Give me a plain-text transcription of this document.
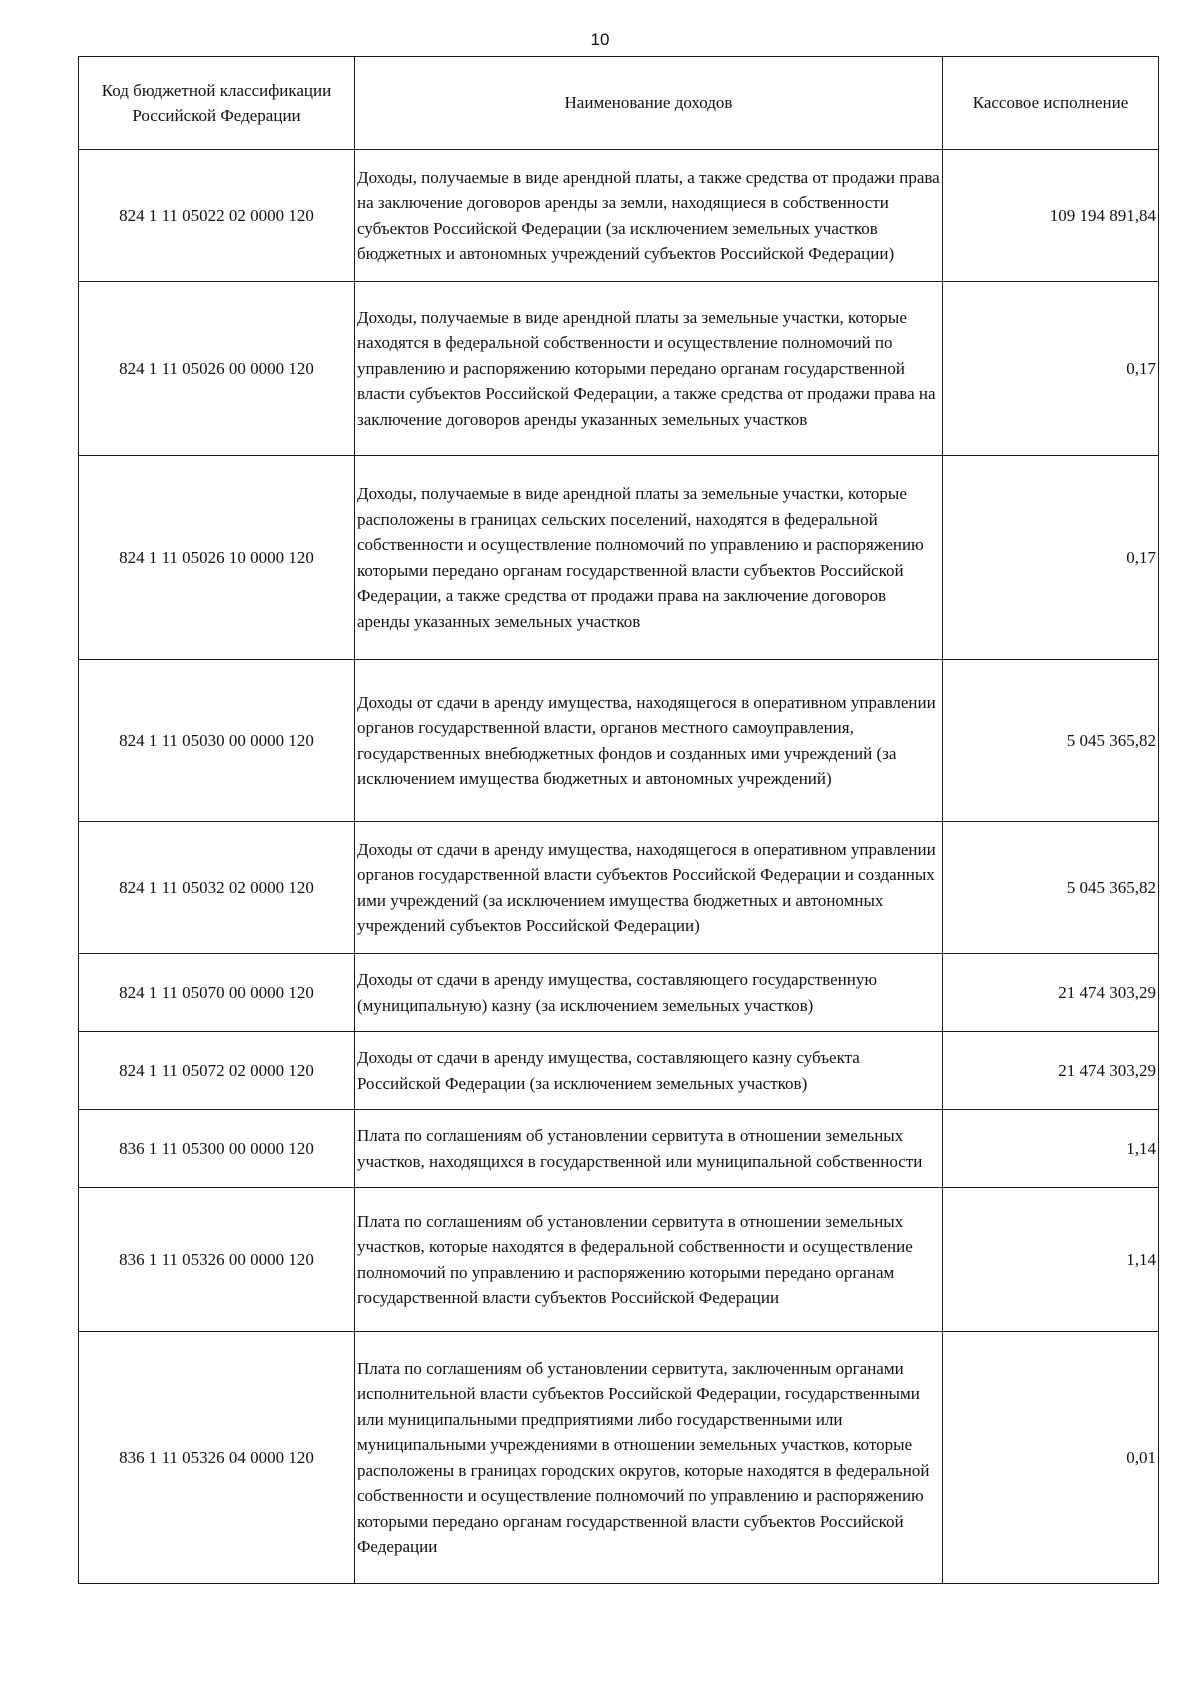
10
Код бюджетной классификации Российской Федерации	Наименование доходов	Кассовое исполнение
824 1 11 05022 02 0000 120	Доходы, получаемые в виде арендной платы, а также средства от продажи права на заключение договоров аренды за земли, находящиеся в собственности субъектов Российской Федерации (за исключением земельных участков бюджетных и автономных учреждений субъектов Российской Федерации)	109 194 891,84
824 1 11 05026 00 0000 120	Доходы, получаемые в виде арендной платы за земельные участки, которые находятся в федеральной собственности и осуществление полномочий по управлению и распоряжению которыми передано органам государственной власти субъектов Российской Федерации, а также средства от продажи права на заключение договоров аренды указанных земельных участков	0,17
824 1 11 05026 10 0000 120	Доходы, получаемые в виде арендной платы за земельные участки, которые расположены в границах сельских поселений, находятся в федеральной собственности и осуществление полномочий по управлению и распоряжению которыми передано органам государственной власти субъектов Российской Федерации, а также средства от продажи права на заключение договоров аренды указанных земельных участков	0,17
824 1 11 05030 00 0000 120	Доходы от сдачи в аренду имущества, находящегося в оперативном управлении органов государственной власти, органов местного самоуправления, государственных внебюджетных фондов и созданных ими учреждений (за исключением имущества бюджетных и автономных учреждений)	5 045 365,82
824 1 11 05032 02 0000 120	Доходы от сдачи в аренду имущества, находящегося в оперативном управлении органов государственной власти субъектов Российской Федерации и созданных ими учреждений (за исключением имущества бюджетных и автономных учреждений субъектов Российской Федерации)	5 045 365,82
824 1 11 05070 00 0000 120	Доходы от сдачи в аренду имущества, составляющего государственную (муниципальную) казну (за исключением земельных участков)	21 474 303,29
824 1 11 05072 02 0000 120	Доходы от сдачи в аренду имущества, составляющего казну субъекта Российской Федерации (за исключением земельных участков)	21 474 303,29
836 1 11 05300 00 0000 120	Плата по соглашениям об установлении сервитута в отношении земельных участков, находящихся в государственной или муниципальной собственности	1,14
836 1 11 05326 00 0000 120	Плата по соглашениям об установлении сервитута в отношении земельных участков, которые находятся в федеральной собственности и осуществление полномочий по управлению и распоряжению которыми передано органам государственной власти субъектов Российской Федерации	1,14
836 1 11 05326 04 0000 120	Плата по соглашениям об установлении сервитута, заключенным органами исполнительной власти субъектов Российской Федерации, государственными или муниципальными предприятиями либо государственными или муниципальными учреждениями в отношении земельных участков, которые расположены в границах городских округов, которые находятся в федеральной собственности и осуществление полномочий по управлению и распоряжению которыми передано органам государственной власти субъектов Российской Федерации	0,01
